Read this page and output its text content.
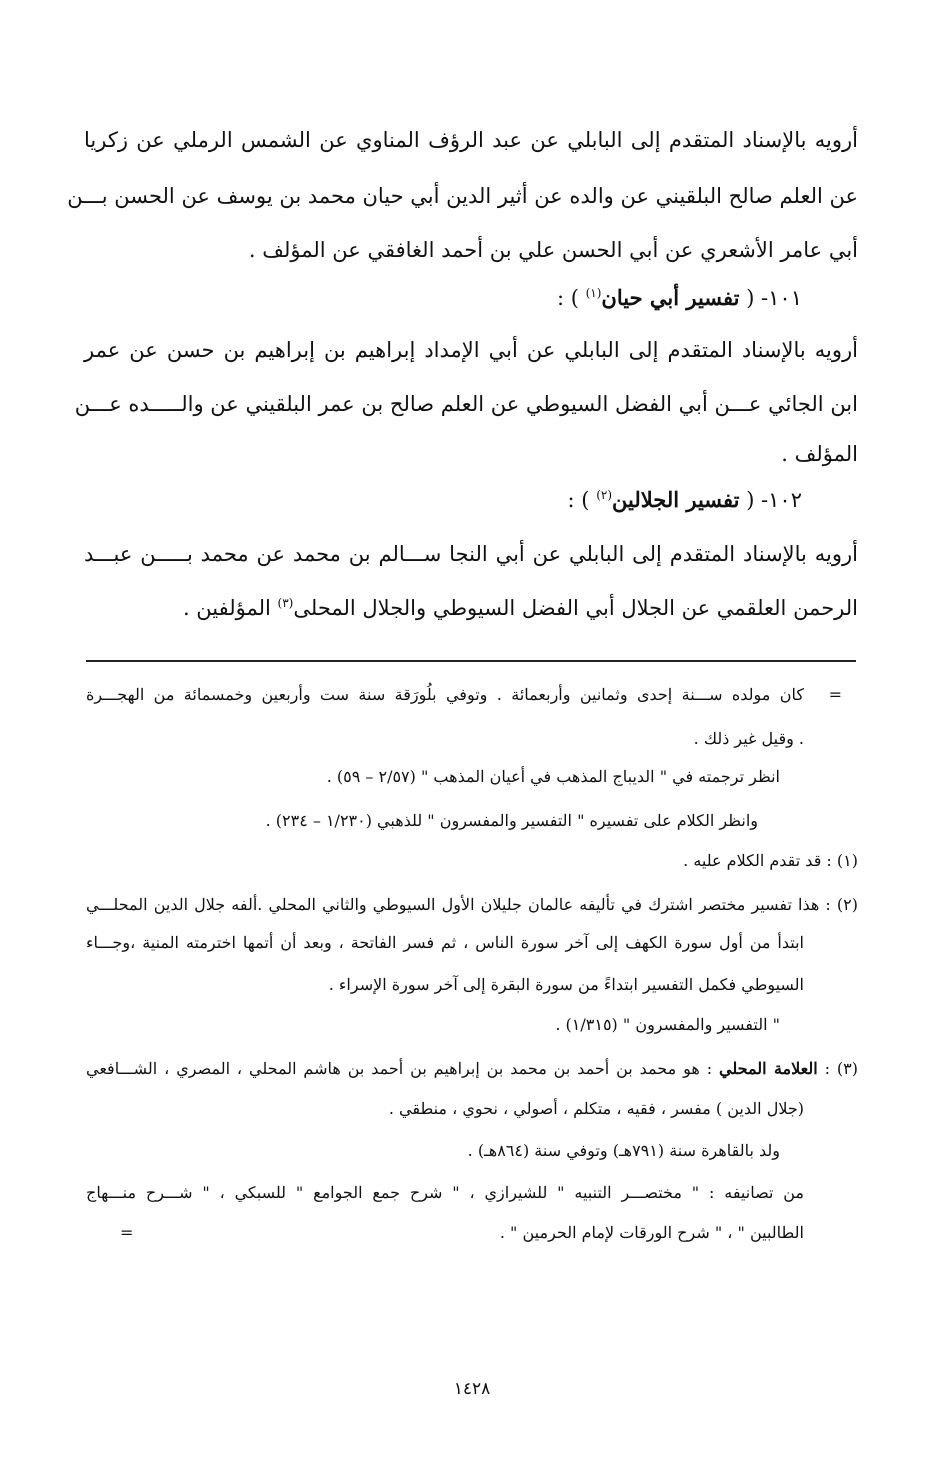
أرويه بالإسناد المتقدم إلى البابلي عن عبد الرؤف المناوي عن الشمس الرملي عن زكريا
عن العلم صالح البلقيني عن والده عن أثير الدين أبي حيان محمد بن يوسف عن الحسن بـــن
أبي عامر الأشعري عن أبي الحسن علي بن أحمد الغافقي عن المؤلف .
١٠١- ( تفسير أبي حيان$^{(١)}$ ) :
أرويه بالإسناد المتقدم إلى البابلي عن أبي الإمداد إبراهيم بن إبراهيم بن حسن عن عمر
ابن الجائي عـــن أبي الفضل السيوطي عن العلم صالح بن عمر البلقيني عن والـــــده عـــن
المؤلف .
١٠٢- ( تفسير الجلالين$^{(٢)}$ ) :
أرويه بالإسناد المتقدم إلى البابلي عن أبي النجا ســـالم بن محمد عن محمد بـــــن عبـــد
الرحمن العلقمي عن الجلال أبي الفضل السيوطي والجلال المحلى$^{(٣)}$ المؤلفين .
=
كان مولده ســـنة إحدى وثمانين وأربعمائة . وتوفي بلُورَقة سنة ست وأربعين وخمسمائة من الهجـــرة
. وقيل غير ذلك .
انظر ترجمته في " الديباج المذهب في أعيان المذهب " (٢/٥٧ – ٥٩) .
وانظر الكلام على تفسيره " التفسير والمفسرون " للذهبي (١/٢٣٠ – ٢٣٤) .
(١) : قد تقدم الكلام عليه .
(٢) : هذا تفسير مختصر اشترك في تأليفه عالمان جليلان الأول السيوطي والثاني المحلي .ألفه جلال الدين المحلـــي
ابتدأ من أول سورة الكهف إلى آخر سورة الناس ، ثم فسر الفاتحة ، وبعد أن أتمها اخترمته المنية ،وجـــاء
السيوطي فكمل التفسير ابتداءً من سورة البقرة إلى آخر سورة الإسراء .
" التفسير والمفسرون " (١/٣١٥) .
(٣) : العلامة المحلي : هو محمد بن أحمد بن محمد بن إبراهيم بن أحمد بن هاشم المحلي ، المصري ، الشـــافعي
(جلال الدين ) مفسر ، فقيه ، متكلم ، أصولي ، نحوي ، منطقي .
ولد بالقاهرة سنة (٧٩١هـ) وتوفي سنة (٨٦٤هـ) .
من تصانيفه : " مختصـــر التنبيه " للشيرازي ، " شرح جمع الجوامع " للسبكي ، " شـــرح منـــهاج
الطالبين " ، " شرح الورقات لإمام الحرمين " .
=
١٤٢٨
